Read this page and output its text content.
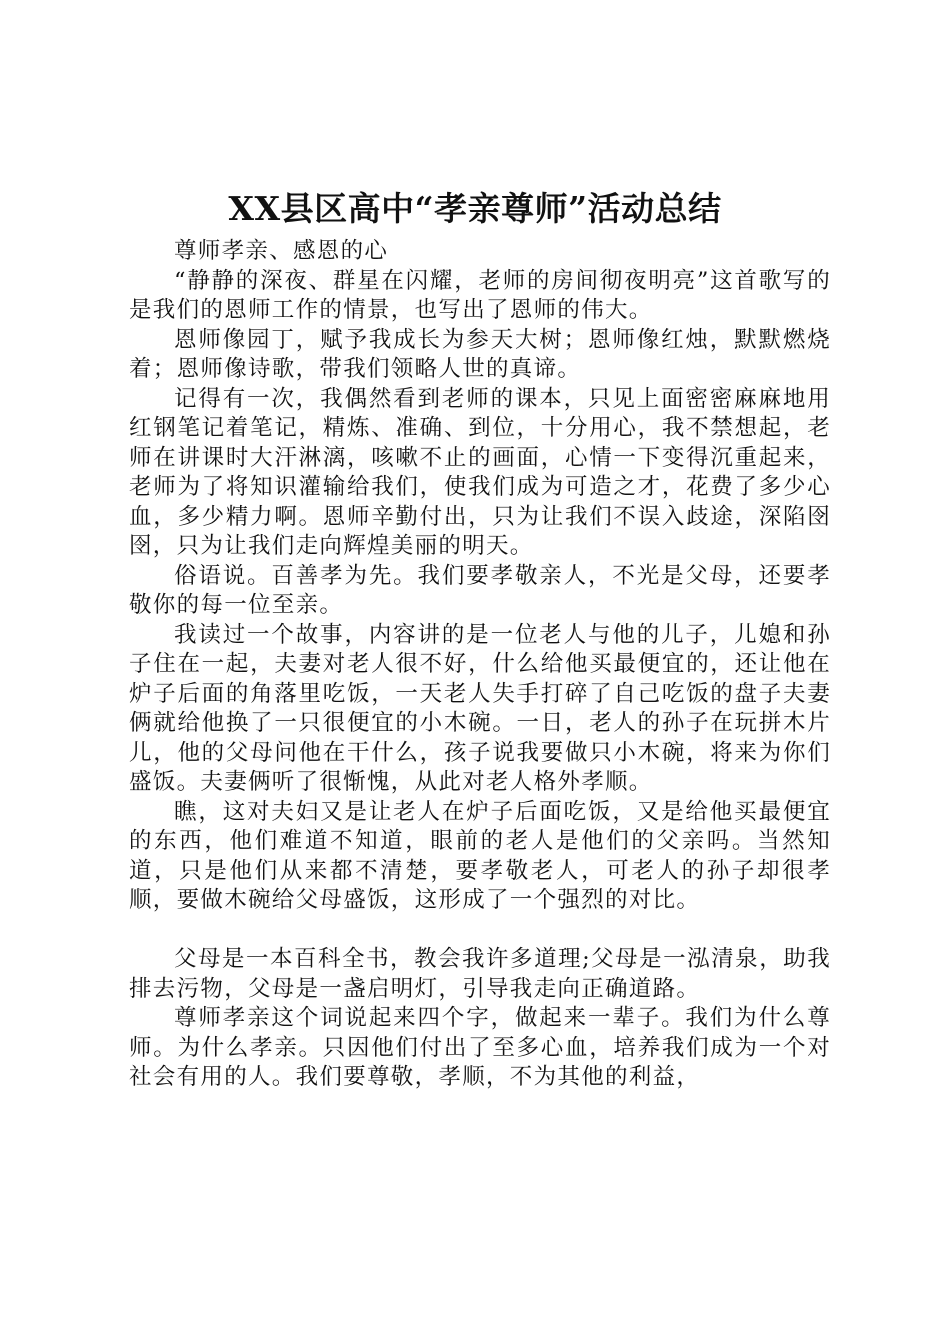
XX县区高中“孝亲尊师”活动总结

尊师孝亲、感恩的心

“静静的深夜、群星在闪耀，老师的房间彻夜明亮”这首歌写的是我们的恩师工作的情景，也写出了恩师的伟大。

恩师像园丁，赋予我成长为参天大树；恩师像红烛，默默燃烧着；恩师像诗歌，带我们领略人世的真谛。

记得有一次，我偶然看到老师的课本，只见上面密密麻麻地用红钢笔记着笔记，精炼、准确、到位，十分用心，我不禁想起，老师在讲课时大汗淋漓，咳嗽不止的画面，心情一下变得沉重起来，老师为了将知识灌输给我们，使我们成为可造之才，花费了多少心血，多少精力啊。恩师辛勤付出，只为让我们不误入歧途，深陷囹囹，只为让我们走向辉煌美丽的明天。

俗语说。百善孝为先。我们要孝敬亲人，不光是父母，还要孝敬你的每一位至亲。

我读过一个故事，内容讲的是一位老人与他的儿子，儿媳和孙子住在一起，夫妻对老人很不好，什么给他买最便宜的，还让他在炉子后面的角落里吃饭，一天老人失手打碎了自己吃饭的盘子夫妻俩就给他换了一只很便宜的小木碗。一日，老人的孙子在玩拼木片儿，他的父母问他在干什么，孩子说我要做只小木碗，将来为你们盛饭。夫妻俩听了很惭愧，从此对老人格外孝顺。

瞧，这对夫妇又是让老人在炉子后面吃饭，又是给他买最便宜的东西，他们难道不知道，眼前的老人是他们的父亲吗。当然知道，只是他们从来都不清楚，要孝敬老人，可老人的孙子却很孝顺，要做木碗给父母盛饭，这形成了一个强烈的对比。

父母是一本百科全书，教会我许多道理;父母是一泓清泉，助我排去污物，父母是一盏启明灯，引导我走向正确道路。

尊师孝亲这个词说起来四个字，做起来一辈子。我们为什么尊师。为什么孝亲。只因他们付出了至多心血，培养我们成为一个对社会有用的人。我们要尊敬，孝顺，不为其他的利益，
